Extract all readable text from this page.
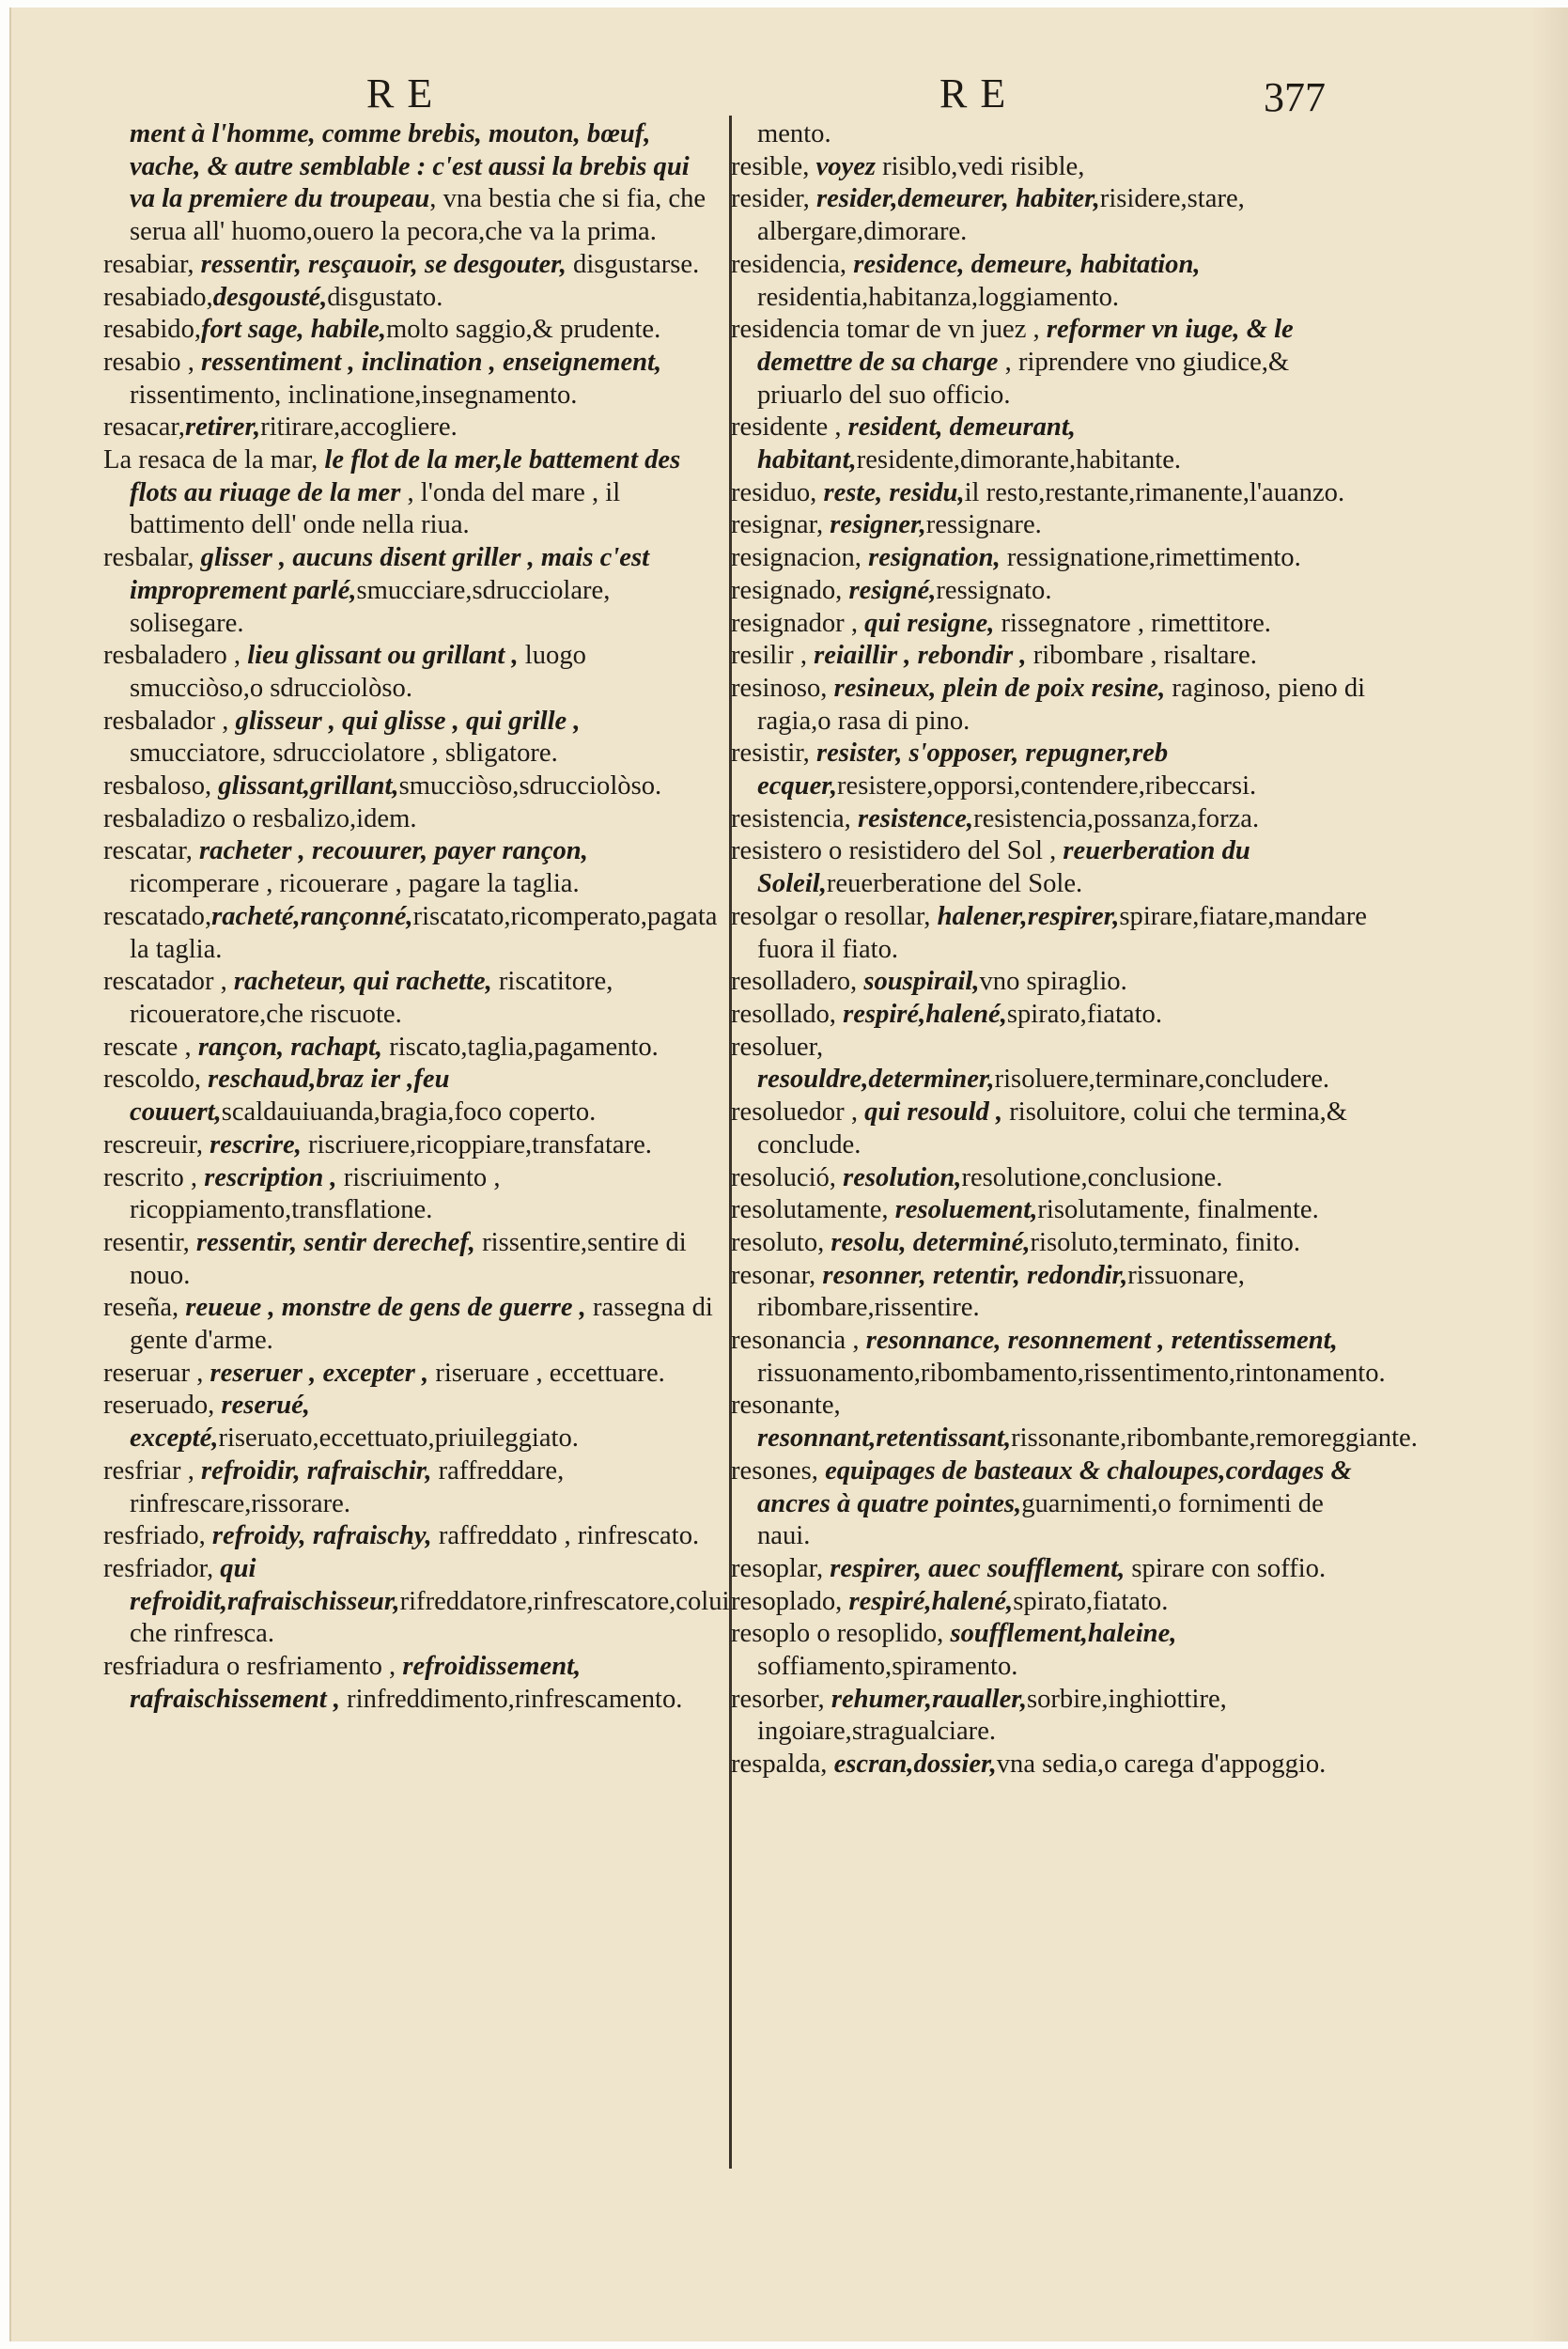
RE	RE	377
ment à l'homme, comme brebis, mouton, bœuf, vache, & autre semblable : c'est aussi la brebis qui va la premiere du troupeau, vna bestia che si fia, che serua all' huomo,ouero la pecora,che va la prima.
resabiar, ressentir, resçauoir, se desgouter, disgustarse.
resabiado,desgousté,disgustato.
resabido,fort sage, habile,molto saggio,& prudente.
resabio , ressentiment , inclination , enseignement, rissentimento, inclinatione,insegnamento.
resacar,retirer,ritirare,accogliere.
La resaca de la mar, le flot de la mer,le battement des flots au riuage de la mer , l'onda del mare , il battimento dell' onde nella riua.
resbalar, glisser , aucuns disent griller , mais c'est improprement parlé,smucciare,sdrucciolare, solisegare.
resbaladero , lieu glissant ou grillant , luogo smucciòso,o sdrucciolòso.
resbalador , glisseur , qui glisse , qui grille , smucciatore, sdrucciolatore , sbligatore.
resbaloso, glissant,grillant,smucciòso,sdrucciolòso.
resbaladizo o resbalizo,idem.
rescatar, racheter , recouurer, payer rançon, ricomperare , ricouerare , pagare la taglia.
rescatado,racheté,rançonné,riscatato,ricomperato,pagata la taglia.
rescatador , racheteur, qui rachette, riscatitore, ricoueratore,che riscuote.
rescate , rançon, rachapt, riscato,taglia,pagamento.
rescoldo, reschaud,braz ier ,feu couuert,scaldauiuanda,bragia,foco coperto.
rescreuir, rescrire, riscriuere,ricoppiare,transfatare.
rescrito , rescription , riscriuimento , ricoppiamento,transflatione.
resentir, ressentir, sentir derechef, rissentire,sentire di nouo.
reseña, reueue , monstre de gens de guerre , rassegna di gente d'arme.
reseruar , reseruer , excepter , riseruare , eccettuare.
reseruado, reserué, excepté,riseruato,eccettuato,priuileggiato.
resfriar , refroidir, rafraischir, raffreddare, rinfrescare,rissorare.
resfriado, refroidy, rafraischy, raffreddato , rinfrescato.
resfriador, qui refroidit,rafraischisseur,rifreddatore,rinfrescatore,colui che rinfresca.
resfriadura o resfriamento , refroidissement, rafraischissement , rinfreddimento,rinfrescamento.
mento.
resible, voyez risiblo,vedi risible,
resider, resider,demeurer, habiter,risidere,stare, albergare,dimorare.
residencia, residence, demeure, habitation, residentia,habitanza,loggiamento.
residencia tomar de vn juez , reformer vn iuge, & le demettre de sa charge , riprendere vno giudice,& priuarlo del suo officio.
residente , resident, demeurant, habitant,residente,dimorante,habitante.
residuo, reste, residu,il resto,restante,rimanente,l'auanzo.
resignar, resigner,ressignare.
resignacion, resignation, ressignatione,rimettimento.
resignado, resigné,ressignato.
resignador , qui resigne, rissegnatore , rimettitore.
resilir , reiaillir , rebondir , ribombare , risaltare.
resinoso, resineux, plein de poix resine, raginoso, pieno di ragia,o rasa di pino.
resistir, resister, s'opposer, repugner,reb ecquer,resistere,opporsi,contendere,ribeccarsi.
resistencia, resistence,resistencia,possanza,forza.
resistero o resistidero del Sol , reuerberation du Soleil,reuerberatione del Sole.
resolgar o resollar, halener,respirer,spirare,fiatare,mandare fuora il fiato.
resolladero, souspirail,vno spiraglio.
resollado, respiré,halené,spirato,fiatato.
resoluer, resouldre,determiner,risoluere,terminare,concludere.
resoluedor , qui resould , risoluitore, colui che termina,& conclude.
resolució, resolution,resolutione,conclusione.
resolutamente, resoluement,risolutamente, finalmente.
resoluto, resolu, determiné,risoluto,terminato, finito.
resonar, resonner, retentir, redondir,rissuonare, ribombare,rissentire.
resonancia , resonnance, resonnement , retentissement, rissuonamento,ribombamento,rissentimento,rintonamento.
resonante, resonnant,retentissant,rissonante,ribombante,remoreggiante.
resones, equipages de basteaux & chaloupes,cordages & ancres à quatre pointes,guarnimenti,o fornimenti de naui.
resoplar, respirer, auec soufflement, spirare con soffio.
resoplado, respiré,halené,spirato,fiatato.
resoplo o resoplido, soufflement,haleine, soffiamento,spiramento.
resorber, rehumer,raualler,sorbire,inghiottire, ingoiare,stragualciare.
respalda, escran,dossier,vna sedia,o carega d'appoggio.
